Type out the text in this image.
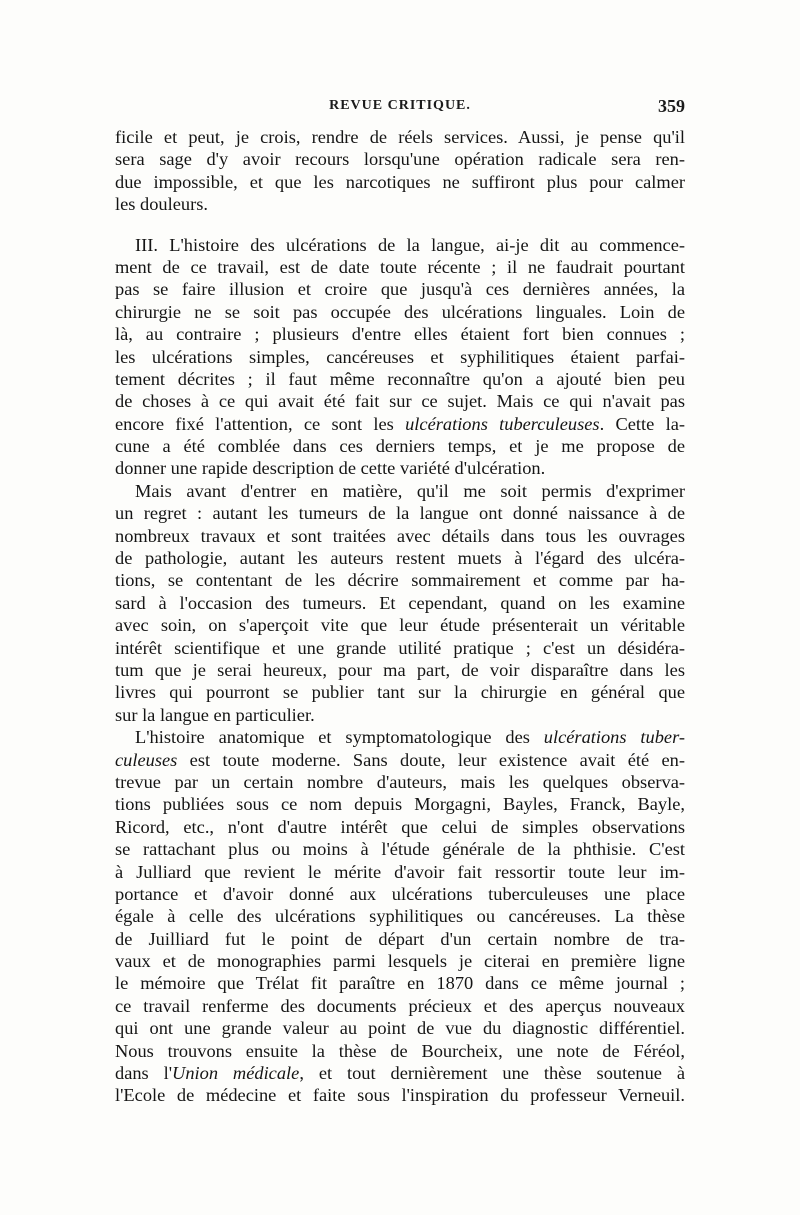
REVUE CRITIQUE.	359
ficile et peut, je crois, rendre de réels services. Aussi, je pense qu'il
sera sage d'y avoir recours lorsqu'une opération radicale sera ren-
due impossible, et que les narcotiques ne suffiront plus pour calmer
les douleurs.
III. L'histoire des ulcérations de la langue, ai-je dit au commence-
ment de ce travail, est de date toute récente ; il ne faudrait pourtant
pas se faire illusion et croire que jusqu'à ces dernières années, la
chirurgie ne se soit pas occupée des ulcérations linguales. Loin de
là, au contraire ; plusieurs d'entre elles étaient fort bien connues ;
les ulcérations simples, cancéreuses et syphilitiques étaient parfai-
tement décrites ; il faut même reconnaître qu'on a ajouté bien peu
de choses à ce qui avait été fait sur ce sujet. Mais ce qui n'avait pas
encore fixé l'attention, ce sont les ulcérations tuberculeuses. Cette la-
cune a été comblée dans ces derniers temps, et je me propose de
donner une rapide description de cette variété d'ulcération.
Mais avant d'entrer en matière, qu'il me soit permis d'exprimer
un regret : autant les tumeurs de la langue ont donné naissance à de
nombreux travaux et sont traitées avec détails dans tous les ouvrages
de pathologie, autant les auteurs restent muets à l'égard des ulcéra-
tions, se contentant de les décrire sommairement et comme par ha-
sard à l'occasion des tumeurs. Et cependant, quand on les examine
avec soin, on s'aperçoit vite que leur étude présenterait un véritable
intérêt scientifique et une grande utilité pratique ; c'est un désidéra-
tum que je serai heureux, pour ma part, de voir disparaître dans les
livres qui pourront se publier tant sur la chirurgie en général que
sur la langue en particulier.
L'histoire anatomique et symptomatologique des ulcérations tuber-
culeuses est toute moderne. Sans doute, leur existence avait été en-
trevue par un certain nombre d'auteurs, mais les quelques observa-
tions publiées sous ce nom depuis Morgagni, Bayles, Franck, Bayle,
Ricord, etc., n'ont d'autre intérêt que celui de simples observations
se rattachant plus ou moins à l'étude générale de la phthisie. C'est
à Julliard que revient le mérite d'avoir fait ressortir toute leur im-
portance et d'avoir donné aux ulcérations tuberculeuses une place
égale à celle des ulcérations syphilitiques ou cancéreuses. La thèse
de Juilliard fut le point de départ d'un certain nombre de tra-
vaux et de monographies parmi lesquels je citerai en première ligne
le mémoire que Trélat fit paraître en 1870 dans ce même journal ;
ce travail renferme des documents précieux et des aperçus nouveaux
qui ont une grande valeur au point de vue du diagnostic différentiel.
Nous trouvons ensuite la thèse de Bourcheix, une note de Féréol,
dans l'Union médicale, et tout dernièrement une thèse soutenue à
l'Ecole de médecine et faite sous l'inspiration du professeur Verneuil.
